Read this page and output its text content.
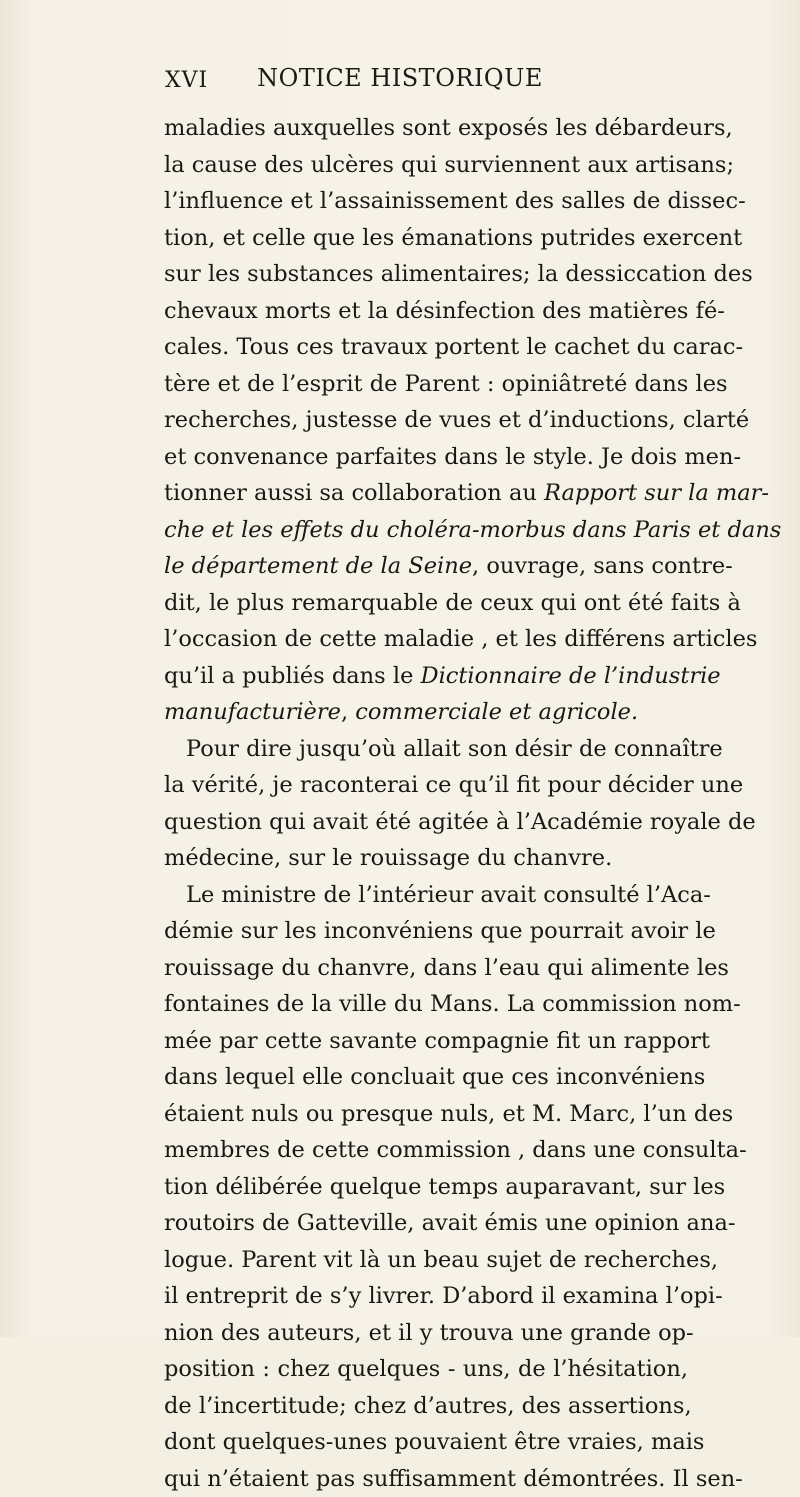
XVI	NOTICE HISTORIQUE
maladies auxquelles sont exposés les débardeurs,
la cause des ulcères qui surviennent aux artisans;
l’influence et l’assainissement des salles de dissec-
tion, et celle que les émanations putrides exercent
sur les substances alimentaires; la dessiccation des
chevaux morts et la désinfection des matières fé-
cales. Tous ces travaux portent le cachet du carac-
tère et de l’esprit de Parent : opiniâtreté dans les
recherches, justesse de vues et d’inductions, clarté
et convenance parfaites dans le style. Je dois men-
tionner aussi sa collaboration au Rapport sur la mar-
che et les effets du choléra-morbus dans Paris et dans
le département de la Seine, ouvrage, sans contre-
dit, le plus remarquable de ceux qui ont été faits à
l’occasion de cette maladie , et les différens articles
qu’il a publiés dans le Dictionnaire de l’industrie
manufacturière, commerciale et agricole.
Pour dire jusqu’où allait son désir de connaître
la vérité, je raconterai ce qu’il fit pour décider une
question qui avait été agitée à l’Académie royale de
médecine, sur le rouissage du chanvre.
Le ministre de l’intérieur avait consulté l’Aca-
démie sur les inconvéniens que pourrait avoir le
rouissage du chanvre, dans l’eau qui alimente les
fontaines de la ville du Mans. La commission nom-
mée par cette savante compagnie fit un rapport
dans lequel elle concluait que ces inconvéniens
étaient nuls ou presque nuls, et M. Marc, l’un des
membres de cette commission , dans une consulta-
tion délibérée quelque temps auparavant, sur les
routoirs de Gatteville, avait émis une opinion ana-
logue. Parent vit là un beau sujet de recherches,
il entreprit de s’y livrer. D’abord il examina l’opi-
nion des auteurs, et il y trouva une grande op-
position : chez quelques - uns, de l’hésitation,
de l’incertitude; chez d’autres, des assertions,
dont quelques-unes pouvaient être vraies, mais
qui n’étaient pas suffisamment démontrées. Il sen-
